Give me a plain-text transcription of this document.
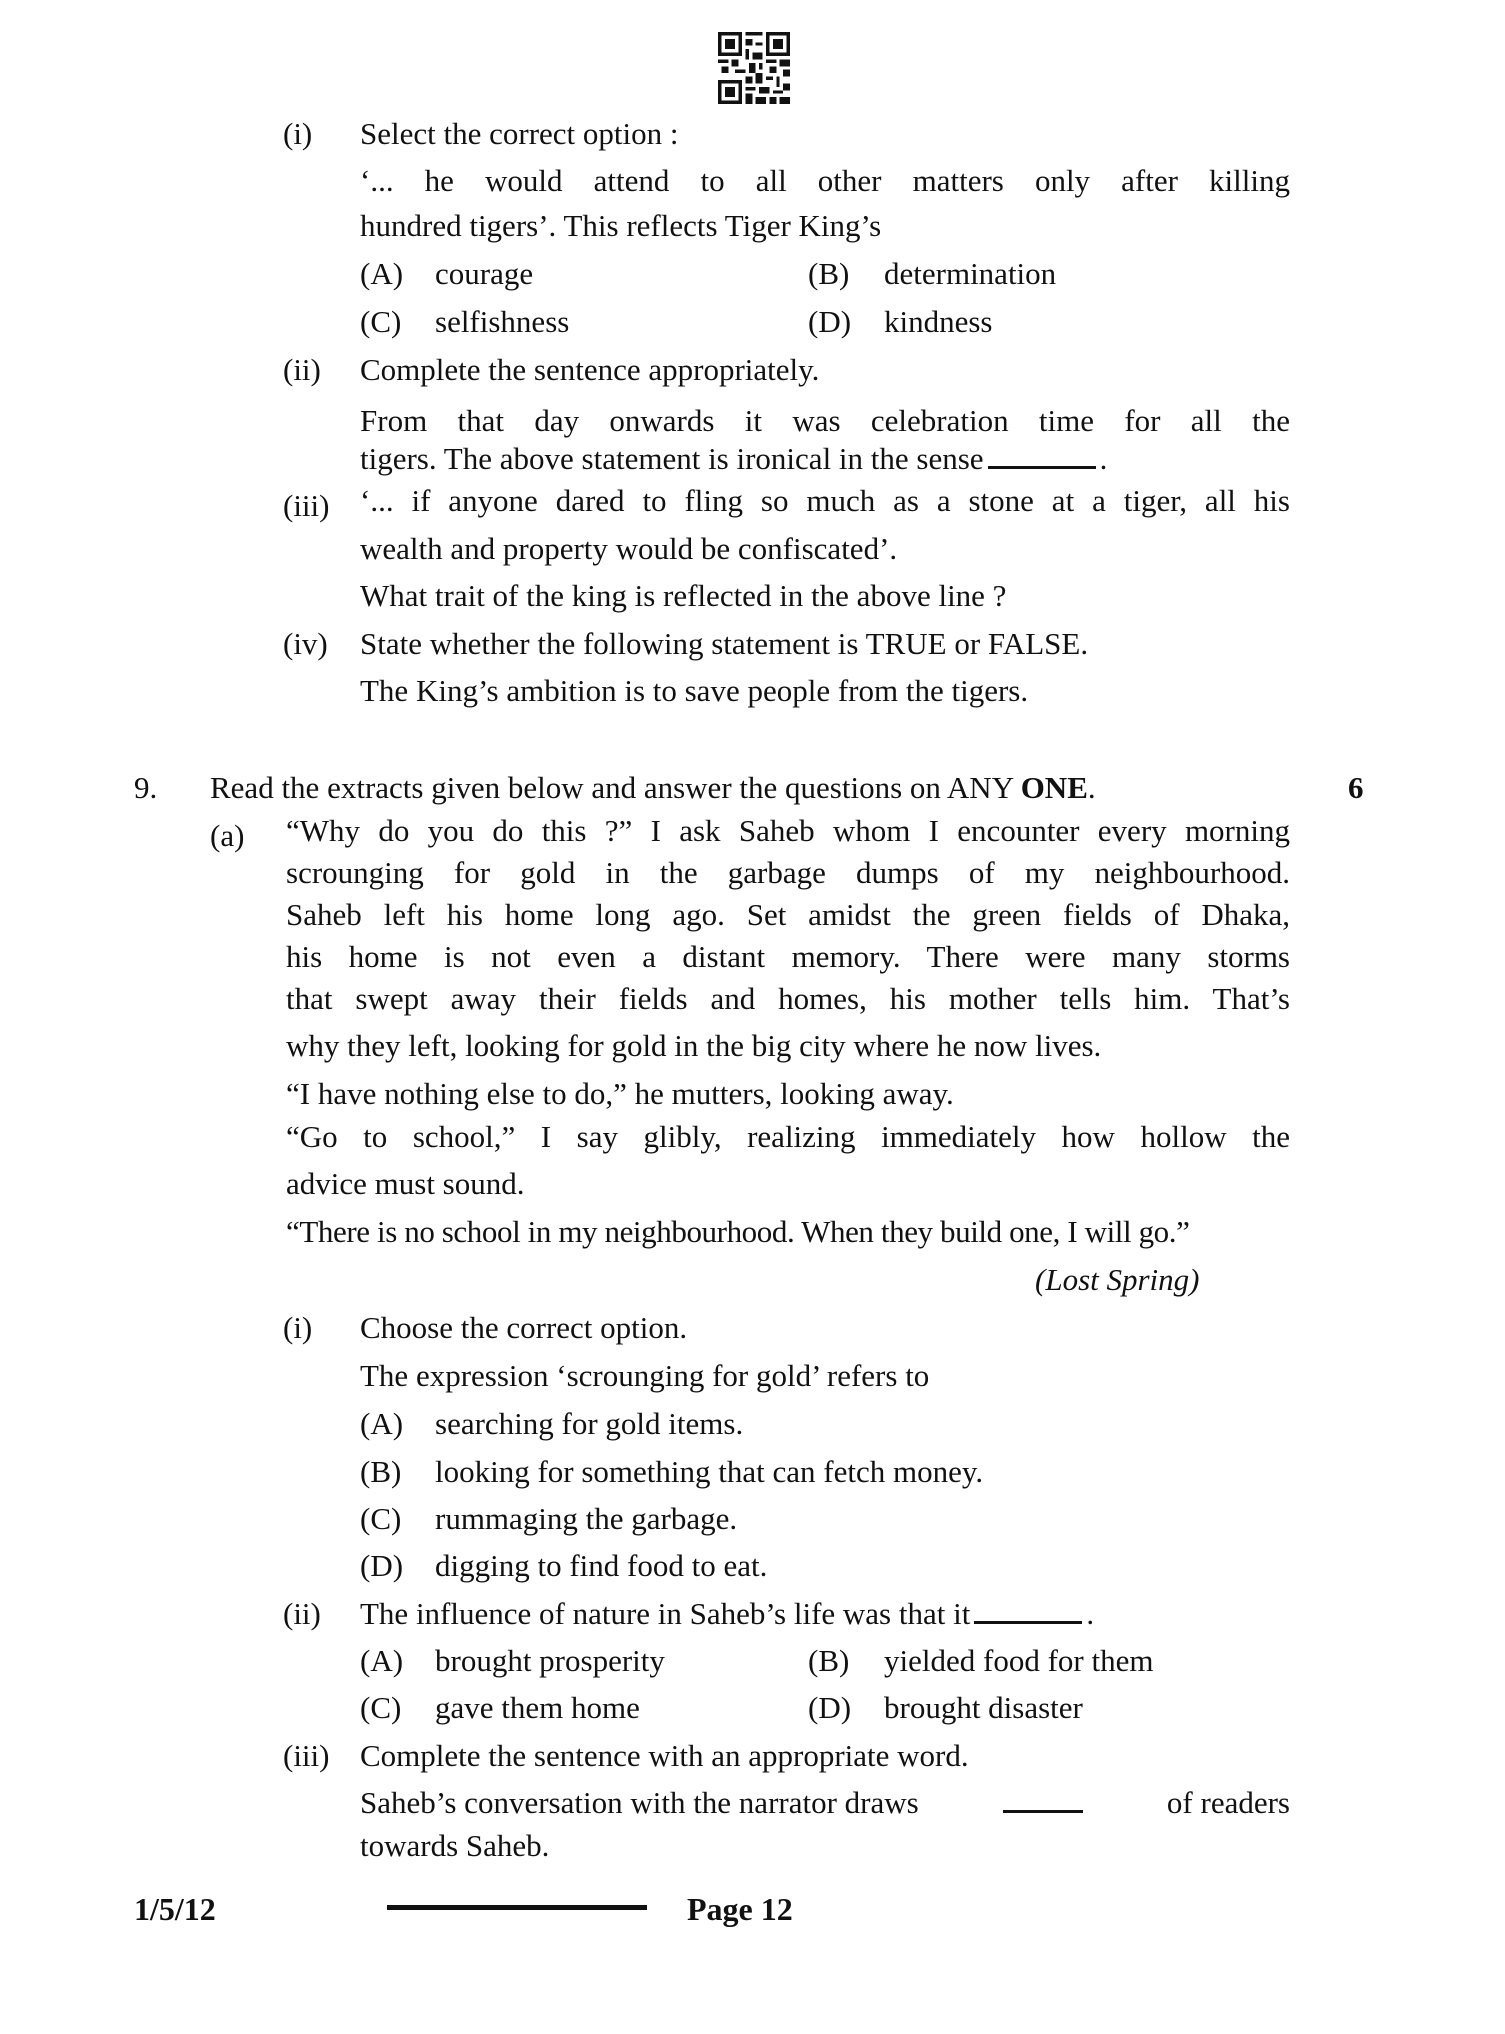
(i) Select the correct option :
‘... he would attend to all other matters only after killing
hundred tigers’. This reflects Tiger King’s
(A) courage	(B) determination
(C) selfishness	(D) kindness
(ii) Complete the sentence appropriately.
From that day onwards it was celebration time for all the
tigers. The above statement is ironical in the sense	.
(iii) ‘... if anyone dared to fling so much as a stone at a tiger, all his
wealth and property would be confiscated’.
What trait of the king is reflected in the above line ?
(iv) State whether the following statement is TRUE or FALSE.
The King’s ambition is to save people from the tigers.
9. Read the extracts given below and answer the questions on ANY ONE.	6
(a) “Why do you do this ?” I ask Saheb whom I encounter every morning
scrounging for gold in the garbage dumps of my neighbourhood.
Saheb left his home long ago. Set amidst the green fields of Dhaka,
his home is not even a distant memory. There were many storms
that swept away their fields and homes, his mother tells him. That’s
why they left, looking for gold in the big city where he now lives.
“I have nothing else to do,” he mutters, looking away.
“Go to school,” I say glibly, realizing immediately how hollow the
advice must sound.
“There is no school in my neighbourhood. When they build one, I will go.”
(Lost Spring)
(i) Choose the correct option.
The expression ‘scrounging for gold’ refers to
(A) searching for gold items.
(B) looking for something that can fetch money.
(C) rummaging the garbage.
(D) digging to find food to eat.
(ii) The influence of nature in Saheb’s life was that it	.
(A) brought prosperity	(B) yielded food for them
(C) gave them home	(D) brought disaster
(iii) Complete the sentence with an appropriate word.
Saheb’s conversation with the narrator draws	of readers
towards Saheb.
1/5/12	Page 12
